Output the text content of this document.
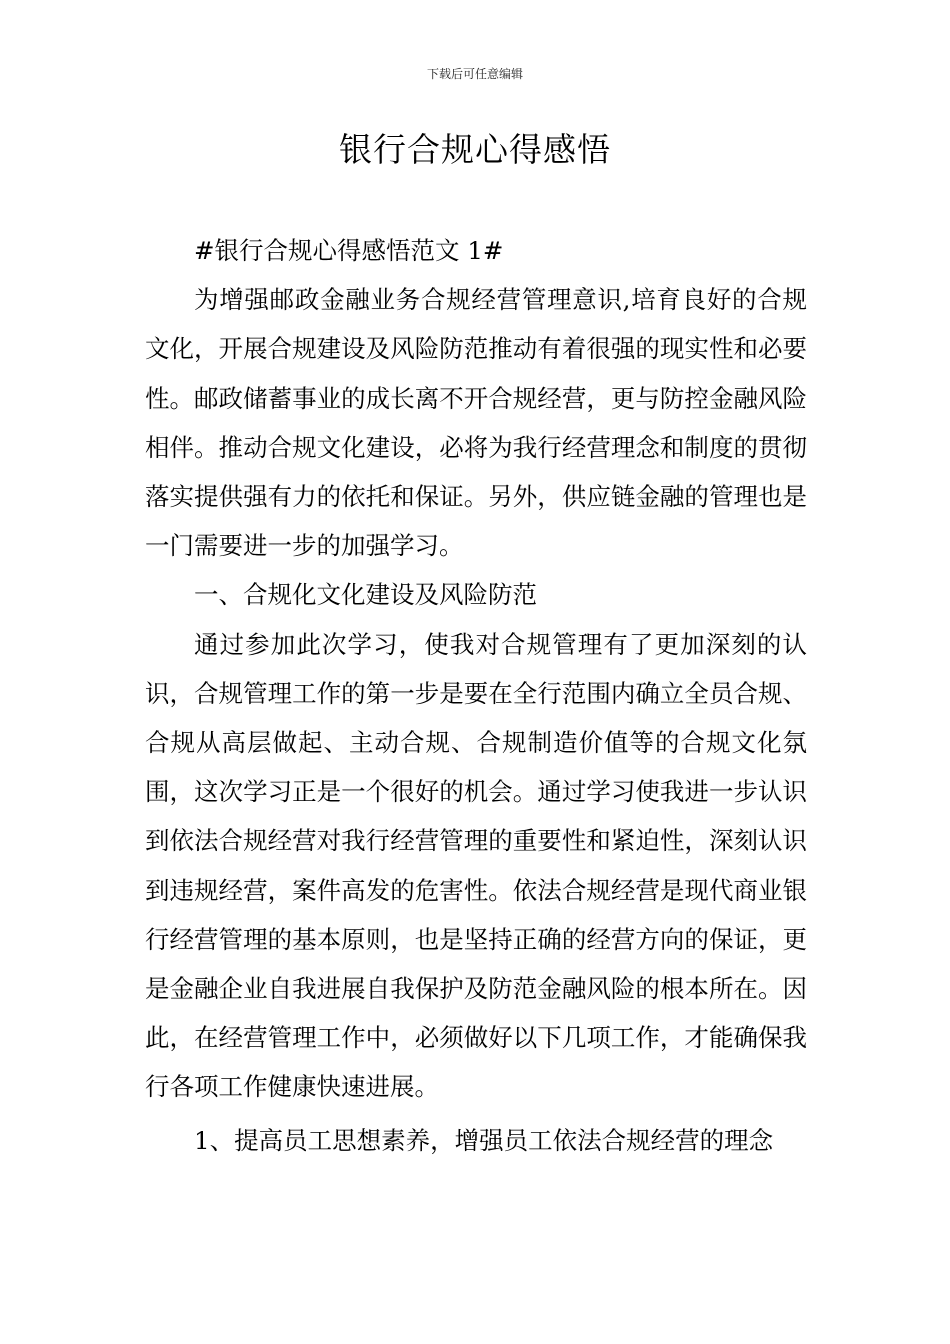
下载后可任意编辑
银行合规心得感悟

#银行合规心得感悟范文 1#

为增强邮政金融业务合规经营管理意识,培育良好的合规文化，开展合规建设及风险防范推动有着很强的现实性和必要性。邮政储蓄事业的成长离不开合规经营，更与防控金融风险相伴。推动合规文化建设，必将为我行经营理念和制度的贯彻落实提供强有力的依托和保证。另外，供应链金融的管理也是一门需要进一步的加强学习。

一、合规化文化建设及风险防范

通过参加此次学习，使我对合规管理有了更加深刻的认识，合规管理工作的第一步是要在全行范围内确立全员合规、合规从高层做起、主动合规、合规制造价值等的合规文化氛围，这次学习正是一个很好的机会。通过学习使我进一步认识到依法合规经营对我行经营管理的重要性和紧迫性，深刻认识到违规经营，案件高发的危害性。依法合规经营是现代商业银行经营管理的基本原则，也是坚持正确的经营方向的保证，更是金融企业自我进展自我保护及防范金融风险的根本所在。因此，在经营管理工作中，必须做好以下几项工作，才能确保我行各项工作健康快速进展。

1、提高员工思想素养，增强员工依法合规经营的理念
